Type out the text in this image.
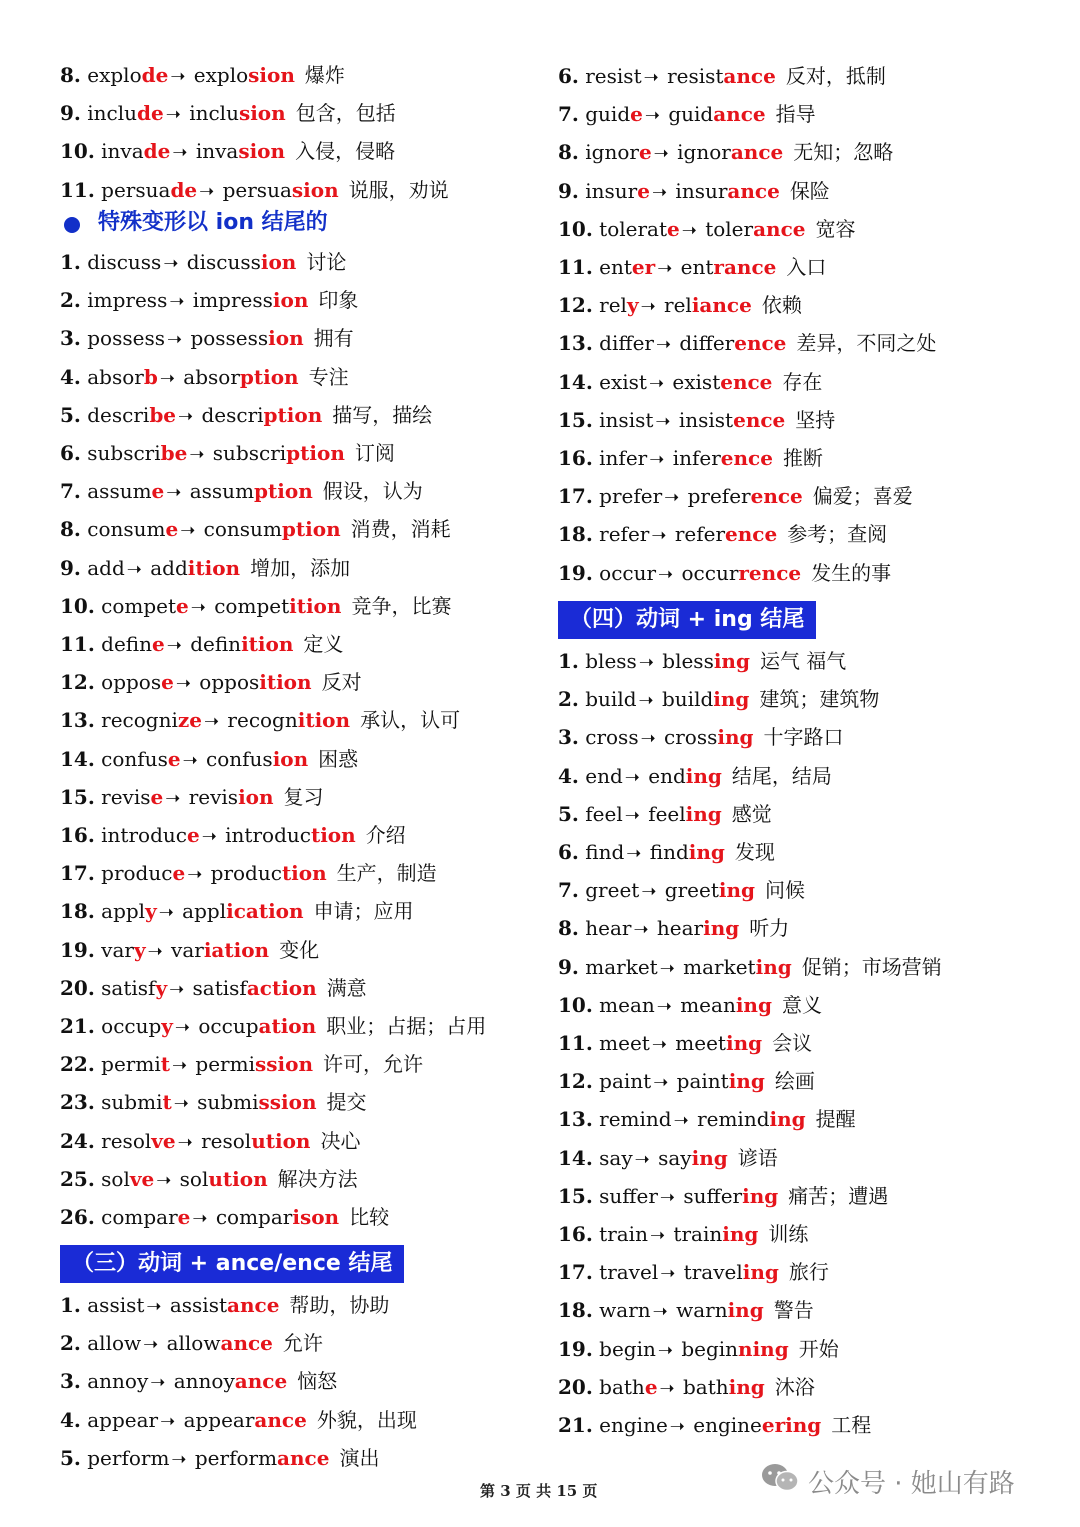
8. explode ➝ explosion 爆炸
9. include ➝ inclusion 包含，包括
10. invade ➝ invasion 入侵，侵略
11. persuade ➝ persuasion 说服，劝说
特殊变形以 ion 结尾的
1. discuss ➝ discussion 讨论
2. impress ➝ impression 印象
3. possess ➝ possession 拥有
4. absorb ➝ absorption 专注
5. describe ➝ description 描写，描绘
6. subscribe ➝ subscription 订阅
7. assume ➝ assumption 假设，认为
8. consume ➝ consumption 消费，消耗
9. add ➝ addition 增加，添加
10. compete ➝ competition 竞争，比赛
11. define ➝ definition 定义
12. oppose ➝ opposition 反对
13. recognize ➝ recognition 承认，认可
14. confuse ➝ confusion 困惑
15. revise ➝ revision 复习
16. introduce ➝ introduction 介绍
17. produce ➝ production 生产，制造
18. apply ➝ application 申请；应用
19. vary ➝ variation 变化
20. satisfy ➝ satisfaction 满意
21. occupy ➝ occupation 职业；占据；占用
22. permit ➝ permission 许可，允许
23. submit ➝ submission 提交
24. resolve ➝ resolution 决心
25. solve ➝ solution 解决方法
26. compare ➝ comparison 比较
（三）动词 + ance/ence 结尾
1. assist ➝ assistance 帮助，协助
2. allow ➝ allowance 允许
3. annoy ➝ annoyance 恼怒
4. appear ➝ appearance 外貌，出现
5. perform ➝ performance 演出
6. resist ➝ resistance 反对，抵制
7. guide ➝ guidance 指导
8. ignore ➝ ignorance 无知；忽略
9. insure ➝ insurance 保险
10. tolerate ➝ tolerance 宽容
11. enter ➝ entrance 入口
12. rely ➝ reliance 依赖
13. differ ➝ difference 差异，不同之处
14. exist ➝ existence 存在
15. insist ➝ insistence 坚持
16. infer ➝ inference 推断
17. prefer ➝ preference 偏爱；喜爱
18. refer ➝ reference 参考；查阅
19. occur ➝ occurrence 发生的事
（四）动词 + ing 结尾
1. bless ➝ blessing 运气 福气
2. build ➝ building 建筑；建筑物
3. cross ➝ crossing 十字路口
4. end ➝ ending 结尾，结局
5. feel ➝ feeling 感觉
6. find ➝ finding 发现
7. greet ➝ greeting 问候
8. hear ➝ hearing 听力
9. market ➝ marketing 促销；市场营销
10. mean ➝ meaning 意义
11. meet ➝ meeting 会议
12. paint ➝ painting 绘画
13. remind ➝ reminding 提醒
14. say ➝ saying 谚语
15. suffer ➝ suffering 痛苦；遭遇
16. train ➝ training 训练
17. travel ➝ traveling 旅行
18. warn ➝ warning 警告
19. begin ➝ beginning 开始
20. bathe ➝ bathing 沐浴
21. engine ➝ engineering 工程
第 3 页 共 15 页	公众号 · 她山有路
